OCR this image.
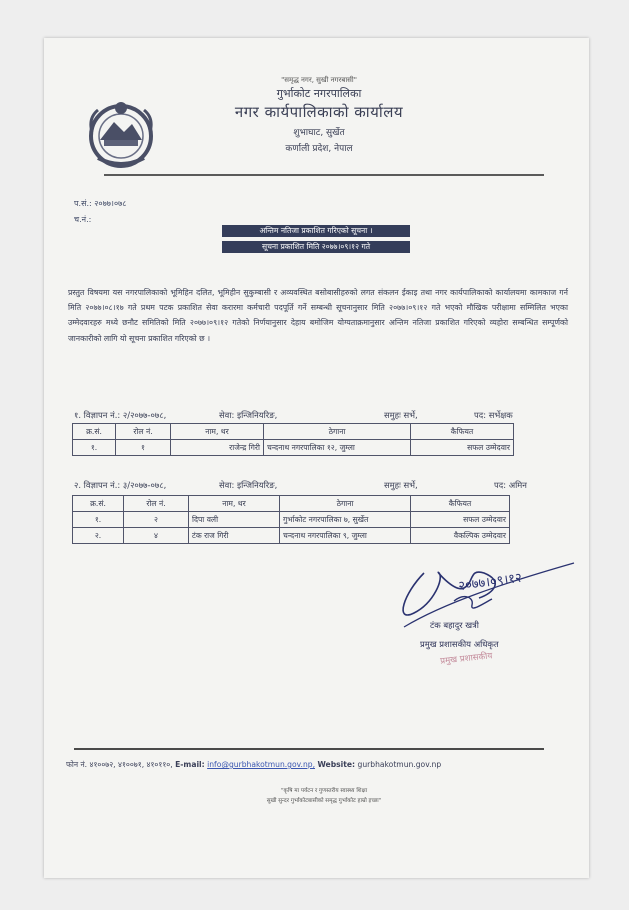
"समृद्ध नगर, सुखी नगरबासी"
गुर्भाकोट नगरपालिका
नगर कार्यपालिकाको कार्यालय
शुभाघाट, सुर्खेत
कर्णाली प्रदेश, नेपाल
प.सं.: २०७७।०७८
च.नं.:
अन्तिम नतिजा प्रकाशित गरिएको सूचना ।
सूचना प्रकाशित मिति २०७७।०९।१२ गते
प्रस्तुत विषयमा यस नगरपालिकाको भूमिहिन दलित, भूमिहीन सुकुम्बासी र अव्यवस्थित बसोबासीहरुको लगत संकलन ईकाइ तथा नगर कार्यपालिकाको कार्यालयमा कामकाज गर्न मिति २०७७।०८।१७ गते प्रथम पटक प्रकाशित सेवा करारमा कर्मचारी पदपूर्ति गर्ने सम्बन्धी सूचनानुसार मिति २०७७।०९।१२ गते भएको मौखिक परीक्षामा सम्मिलित भएका उम्मेदवारहरु मध्ये छनौट समितिको मिति २०७७।०९।१२ गतेको निर्णयानुसार देहाय बमोजिम योग्यताक्रमानुसार अन्तिम नतिजा प्रकाशित गरिएको व्यहोरा सम्बन्धित सम्पूर्णको जानकारीको लागि यो सूचना प्रकाशित गरिएको छ ।
१. विज्ञापन नं.: २/२०७७-०७८,	सेवा: इन्जिनियरिङ,	समुहः सर्भे,	पद: सर्भेक्षक
क्र.सं.	रोल नं.	नाम, थर	ठेगाना	कैफियत
१.	१	राजेन्द्र गिरी	चन्दनाथ नगरपालिका १२, जुम्ला	सफल उम्मेदवार
२. विज्ञापन नं.: ३/२०७७-०७८,	सेवा: इन्जिनियरिङ,	समुहः सर्भे,	पद: अमिन
क्र.सं.	रोल नं.	नाम, थर	ठेगाना	कैफियत
१.	२	दिपा वली	गुर्भाकोट नगरपालिका ७, सुर्खेत	सफल उम्मेदवार
२.	४	टंक राज गिरी	चन्दनाथ नगरपालिका ९, जुम्ला	वैकल्पिक उम्मेदवार
२०७७।०९।१२
टंक बहादुर खत्री
प्रमुख प्रशासकीय अधिकृत
प्रमुख प्रशासकीय
फोन नं. ४१००७२, ४१००७१, ४१०११०, E-mail: info@gurbhakotmun.gov.np, Website: gurbhakotmun.gov.np
"कृषि मा पर्यटन र गुणस्तरीय स्वास्थ्य शिक्षा
सुखी सुन्दर गुर्भाकोटबासीको समृद्ध गुर्भाकोट हाम्रो इच्छा"
